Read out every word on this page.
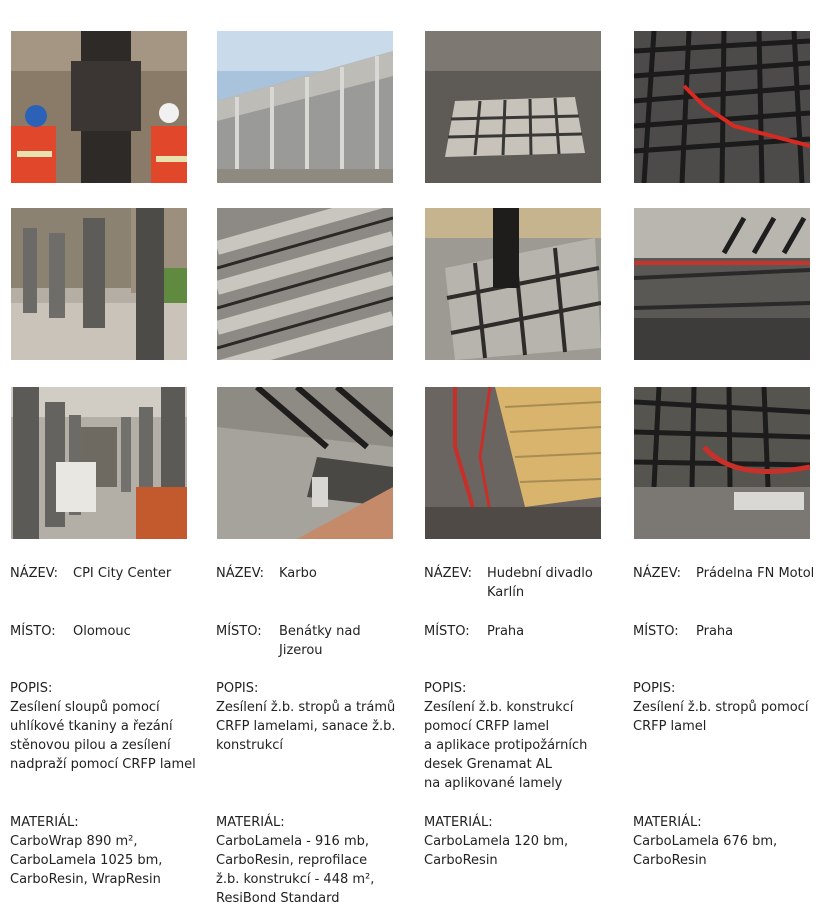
NÁZEV: CPI City Center
MÍSTO: Olomouc
POPIS:
Zesílení sloupů pomocí
uhlíkové tkaniny a řezání
stěnovou pilou a zesílení
nadpraží pomocí CRFP lamel
MATERIÁL:
CarboWrap 890 m²,
CarboLamela 1025 bm,
CarboResin, WrapResin
NÁZEV: Karbo
MÍSTO: Benátky nad
Jizerou
POPIS:
Zesílení ž.b. stropů a trámů
CRFP lamelami, sanace ž.b.
konstrukcí
MATERIÁL:
CarboLamela - 916 mb,
CarboResin, reprofilace
ž.b. konstrukcí - 448 m²,
ResiBond Standard
NÁZEV: Hudební divadlo
Karlín
MÍSTO: Praha
POPIS:
Zesílení ž.b. konstrukcí
pomocí CRFP lamel
a aplikace protipožárních
desek Grenamat AL
na aplikované lamely
MATERIÁL:
CarboLamela 120 bm,
CarboResin
NÁZEV: Prádelna FN Motol
MÍSTO: Praha
POPIS:
Zesílení ž.b. stropů pomocí
CRFP lamel
MATERIÁL:
CarboLamela 676 bm,
CarboResin
